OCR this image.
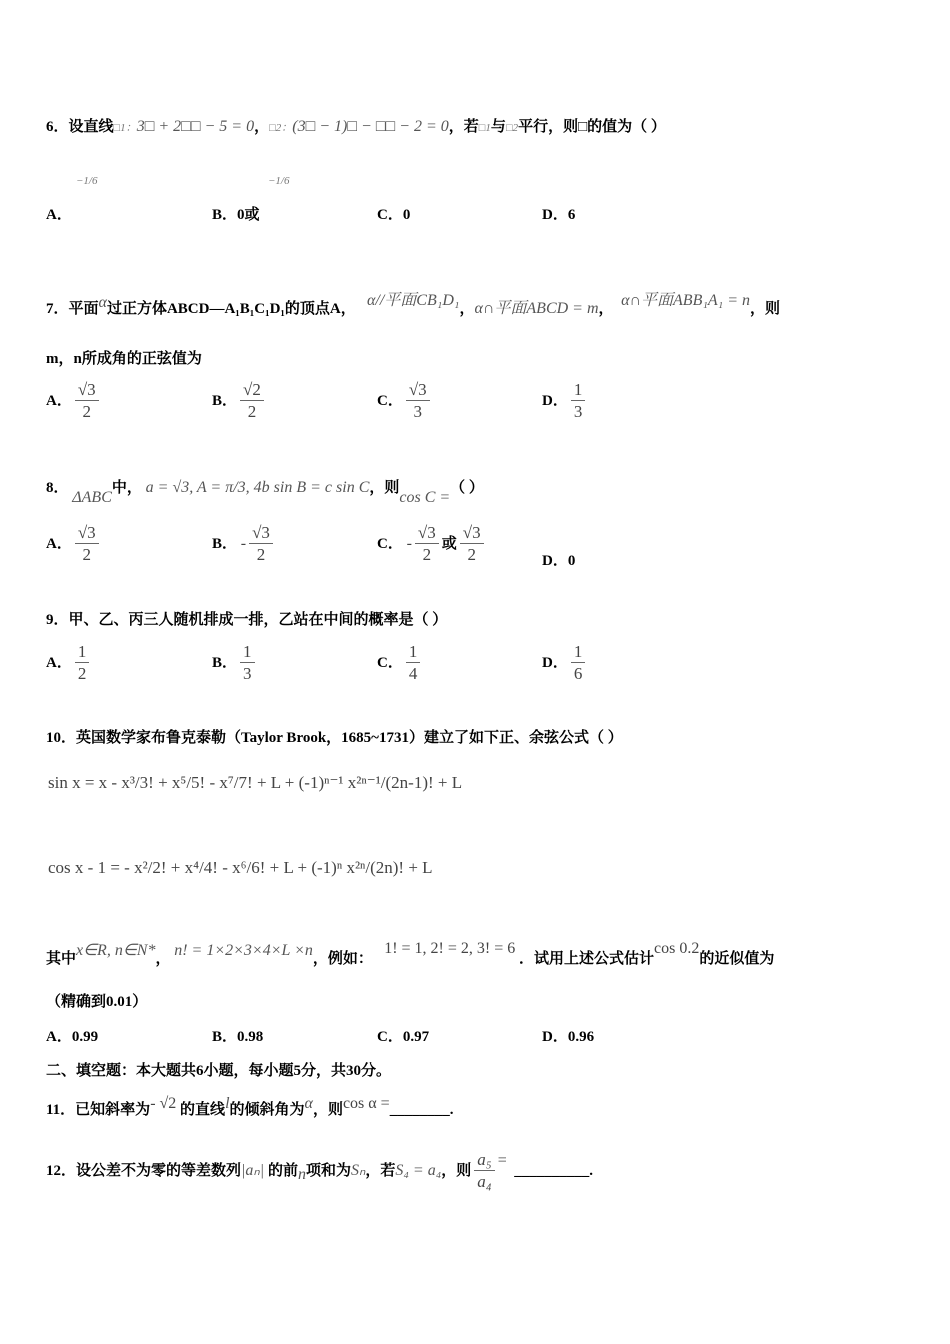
6．设直线□1：3□ + 2□□ − 5 = 0，□2：(3□ − 1)□ − □□ − 2 = 0，若□1与□2平行，则□的值为（ ）
−1/6
A．
−1/6
B．0或	C．0	D．6
7．平面α过正方体ABCD—A₁B₁C₁D₁的顶点A， α//平面CB₁D₁，α∩平面ABCD = m， α∩平面ABB₁A₁ = n，则
m，n所成角的正弦值为
A． $\frac{√3}{2}$	B． $\frac{√2}{2}$	C． $\frac{√3}{3}$	D． $\frac{1}{3}$
8． ΔABC中， a = √3, A = π/3, 4b sin B = c sin C，则cos C =（ ）
A． $\frac{√3}{2}$	B． - $\frac{√3}{2}$	C． - $\frac{√3}{2}$ 或 $\frac{√3}{2}$	D．0
9．甲、乙、丙三人随机排成一排，乙站在中间的概率是（ ）
A． $\frac{1}{2}$	B． $\frac{1}{3}$	C． $\frac{1}{4}$	D． $\frac{1}{6}$
10．英国数学家布鲁克泰勒（Taylor Brook，1685~1731）建立了如下正、余弦公式（ ）
sin x = x - x³/3! + x⁵/5! - x⁷/7! + L + (-1)ⁿ⁻¹ x²ⁿ⁻¹/(2n-1)! + L
cos x - 1 = - x²/2! + x⁴/4! - x⁶/6! + L + (-1)ⁿ x²ⁿ/(2n)! + L
其中x∈R, n∈N*， n! = 1×2×3×4×L ×n，例如：   1! = 1, 2! = 2, 3! = 6 ．试用上述公式估计cos 0.2的近似值为
（精确到0.01）
A．0.99	B．0.98	C．0.97	D．0.96
二、填空题：本大题共6小题，每小题5分，共30分。
11．已知斜率为- √2 的直线l的倾斜角为α，则cos α =________.
12．设公差不为零的等差数列|aₙ| 的前n项和为Sₙ，若S₄ = a₄，则 $\frac{\text{a₅}}{\text{a₄}}$ =  __________.
